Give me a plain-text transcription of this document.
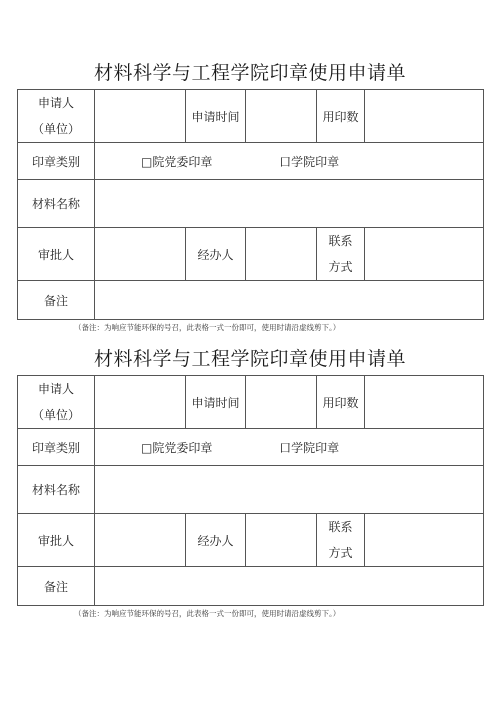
材料科学与工程学院印章使用申请单
申请人
（单位）		申请时间		用印数	
印章类别	□院党委印章 口学院印章				
材料名称					
审批人		经办人		联系
方式	

备注					
（备注：为响应节能环保的号召，此表格一式一份即可，使用时请沿虚线剪下。）
材料科学与工程学院印章使用申请单
申请人
（单位）		申请时间		用印数	
印章类别	□院党委印章 口学院印章				
材料名称					
审批人		经办人		联系
方式	

备注					
（备注：为响应节能环保的号召，此表格一式一份即可，使用时请沿虚线剪下。）
